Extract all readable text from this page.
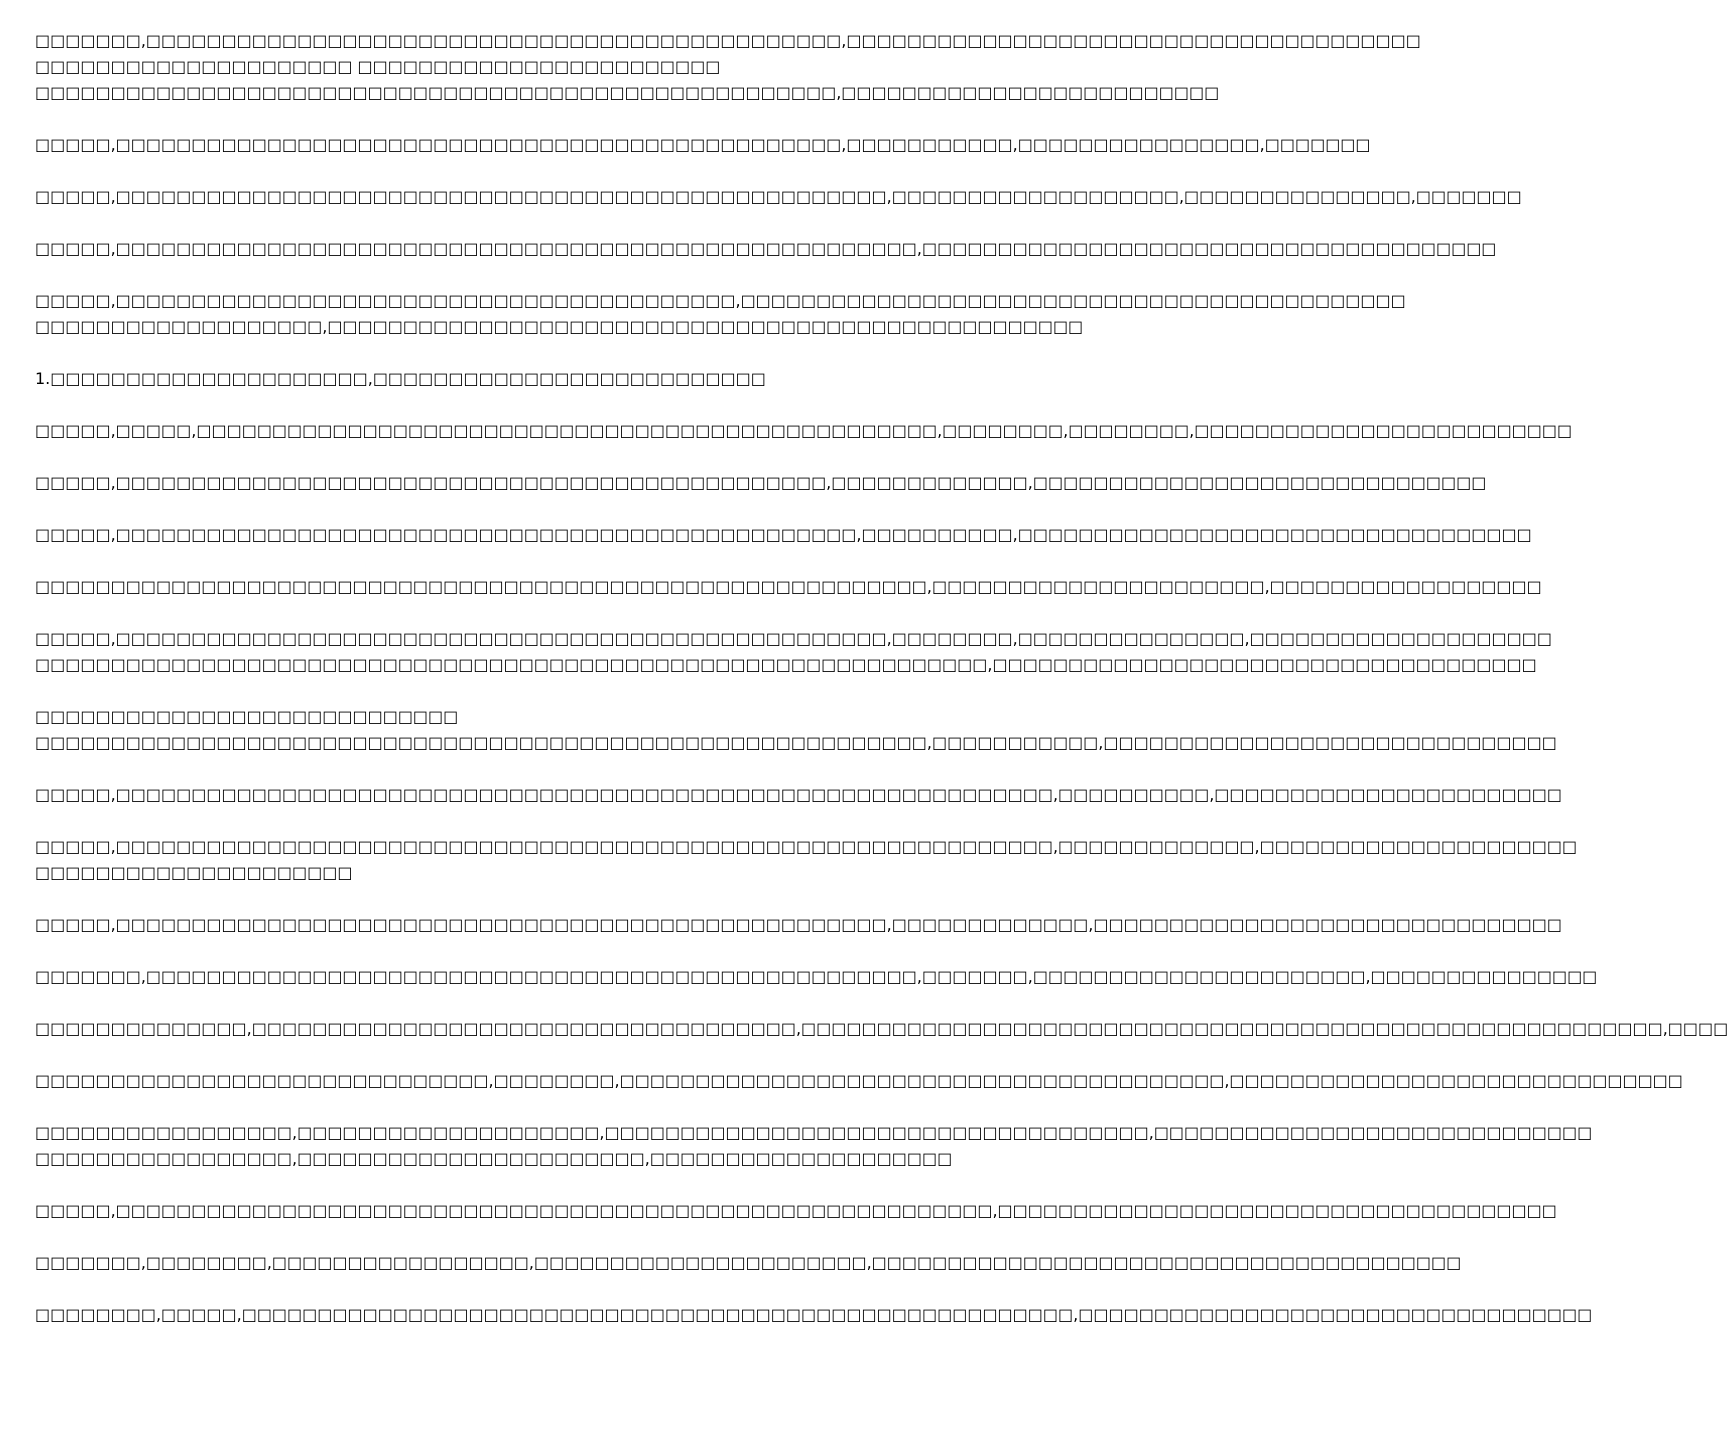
□□□□□□□,□□□□□□□□□□□□□□□□□□□□□□□□□□□□□□□□□□□□□□□□□□□□□□,□□□□□□□□□□□□□□□□□□□□□□□□□□□□□□□□□□□□□□
□□□□□□□□□□□□□□□□□□□□□ □□□□□□□□□□□□□□□□□□□□□□□□
□□□□□□□□□□□□□□□□□□□□□□□□□□□□□□□□□□□□□□□□□□□□□□□□□□□□□,□□□□□□□□□□□□□□□□□□□□□□□□□
□□□□□,□□□□□□□□□□□□□□□□□□□□□□□□□□□□□□□□□□□□□□□□□□□□□□□□,□□□□□□□□□□□,□□□□□□□□□□□□□□□□,□□□□□□□
□□□□□,□□□□□□□□□□□□□□□□□□□□□□□□□□□□□□□□□□□□□□□□□□□□□□□□□□□,□□□□□□□□□□□□□□□□□□□,□□□□□□□□□□□□□□□,□□□□□□□
□□□□□,□□□□□□□□□□□□□□□□□□□□□□□□□□□□□□□□□□□□□□□□□□□□□□□□□□□□□,□□□□□□□□□□□□□□□□□□□□□□□□□□□□□□□□□□□□□□
□□□□□,□□□□□□□□□□□□□□□□□□□□□□□□□□□□□□□□□□□□□□□□□,□□□□□□□□□□□□□□□□□□□□□□□□□□□□□□□□□□□□□□□□□□□□
□□□□□□□□□□□□□□□□□□□,□□□□□□□□□□□□□□□□□□□□□□□□□□□□□□□□□□□□□□□□□□□□□□□□□□
1.□□□□□□□□□□□□□□□□□□□□□,□□□□□□□□□□□□□□□□□□□□□□□□□□
□□□□□,□□□□□,□□□□□□□□□□□□□□□□□□□□□□□□□□□□□□□□□□□□□□□□□□□□□□□□□,□□□□□□□□,□□□□□□□□,□□□□□□□□□□□□□□□□□□□□□□□□□
□□□□□,□□□□□□□□□□□□□□□□□□□□□□□□□□□□□□□□□□□□□□□□□□□□□□□,□□□□□□□□□□□□□,□□□□□□□□□□□□□□□□□□□□□□□□□□□□□□
□□□□□,□□□□□□□□□□□□□□□□□□□□□□□□□□□□□□□□□□□□□□□□□□□□□□□□□,□□□□□□□□□□,□□□□□□□□□□□□□□□□□□□□□□□□□□□□□□□□□□
□□□□□□□□□□□□□□□□□□□□□□□□□□□□□□□□□□□□□□□□□□□□□□□□□□□□□□□□□□□,□□□□□□□□□□□□□□□□□□□□□□,□□□□□□□□□□□□□□□□□□
□□□□□,□□□□□□□□□□□□□□□□□□□□□□□□□□□□□□□□□□□□□□□□□□□□□□□□□□□,□□□□□□□□,□□□□□□□□□□□□□□□,□□□□□□□□□□□□□□□□□□□□
□□□□□□□□□□□□□□□□□□□□□□□□□□□□□□□□□□□□□□□□□□□□□□□□□□□□□□□□□□□□□□□,□□□□□□□□□□□□□□□□□□□□□□□□□□□□□□□□□□□□
□□□□□□□□□□□□□□□□□□□□□□□□□□□□
□□□□□□□□□□□□□□□□□□□□□□□□□□□□□□□□□□□□□□□□□□□□□□□□□□□□□□□□□□□,□□□□□□□□□□□,□□□□□□□□□□□□□□□□□□□□□□□□□□□□□□
□□□□□,□□□□□□□□□□□□□□□□□□□□□□□□□□□□□□□□□□□□□□□□□□□□□□□□□□□□□□□□□□□□□□,□□□□□□□□□□,□□□□□□□□□□□□□□□□□□□□□□□
□□□□□,□□□□□□□□□□□□□□□□□□□□□□□□□□□□□□□□□□□□□□□□□□□□□□□□□□□□□□□□□□□□□□,□□□□□□□□□□□□□,□□□□□□□□□□□□□□□□□□□□□
□□□□□□□□□□□□□□□□□□□□□
□□□□□,□□□□□□□□□□□□□□□□□□□□□□□□□□□□□□□□□□□□□□□□□□□□□□□□□□□,□□□□□□□□□□□□□,□□□□□□□□□□□□□□□□□□□□□□□□□□□□□□□
□□□□□□□,□□□□□□□□□□□□□□□□□□□□□□□□□□□□□□□□□□□□□□□□□□□□□□□□□□□,□□□□□□□,□□□□□□□□□□□□□□□□□□□□□□,□□□□□□□□□□□□□□□
□□□□□□□□□□□□□□,□□□□□□□□□□□□□□□□□□□□□□□□□□□□□□□□□□□□,□□□□□□□□□□□□□□□□□□□□□□□□□□□□□□□□□□□□□□□□□□□□□□□□□□□□□□□□□,□□□□
□□□□□□□□□□□□□□□□□□□□□□□□□□□□□□,□□□□□□□□,□□□□□□□□□□□□□□□□□□□□□□□□□□□□□□□□□□□□□□□□,□□□□□□□□□□□□□□□□□□□□□□□□□□□□□□
□□□□□□□□□□□□□□□□□,□□□□□□□□□□□□□□□□□□□□,□□□□□□□□□□□□□□□□□□□□□□□□□□□□□□□□□□□□,□□□□□□□□□□□□□□□□□□□□□□□□□□□□□
□□□□□□□□□□□□□□□□□,□□□□□□□□□□□□□□□□□□□□□□□,□□□□□□□□□□□□□□□□□□□□
□□□□□,□□□□□□□□□□□□□□□□□□□□□□□□□□□□□□□□□□□□□□□□□□□□□□□□□□□□□□□□□□,□□□□□□□□□□□□□□□□□□□□□□□□□□□□□□□□□□□□□
□□□□□□□,□□□□□□□□,□□□□□□□□□□□□□□□□□,□□□□□□□□□□□□□□□□□□□□□□,□□□□□□□□□□□□□□□□□□□□□□□□□□□□□□□□□□□□□□□
□□□□□□□□,□□□□□,□□□□□□□□□□□□□□□□□□□□□□□□□□□□□□□□□□□□□□□□□□□□□□□□□□□□□□□,□□□□□□□□□□□□□□□□□□□□□□□□□□□□□□□□□□
